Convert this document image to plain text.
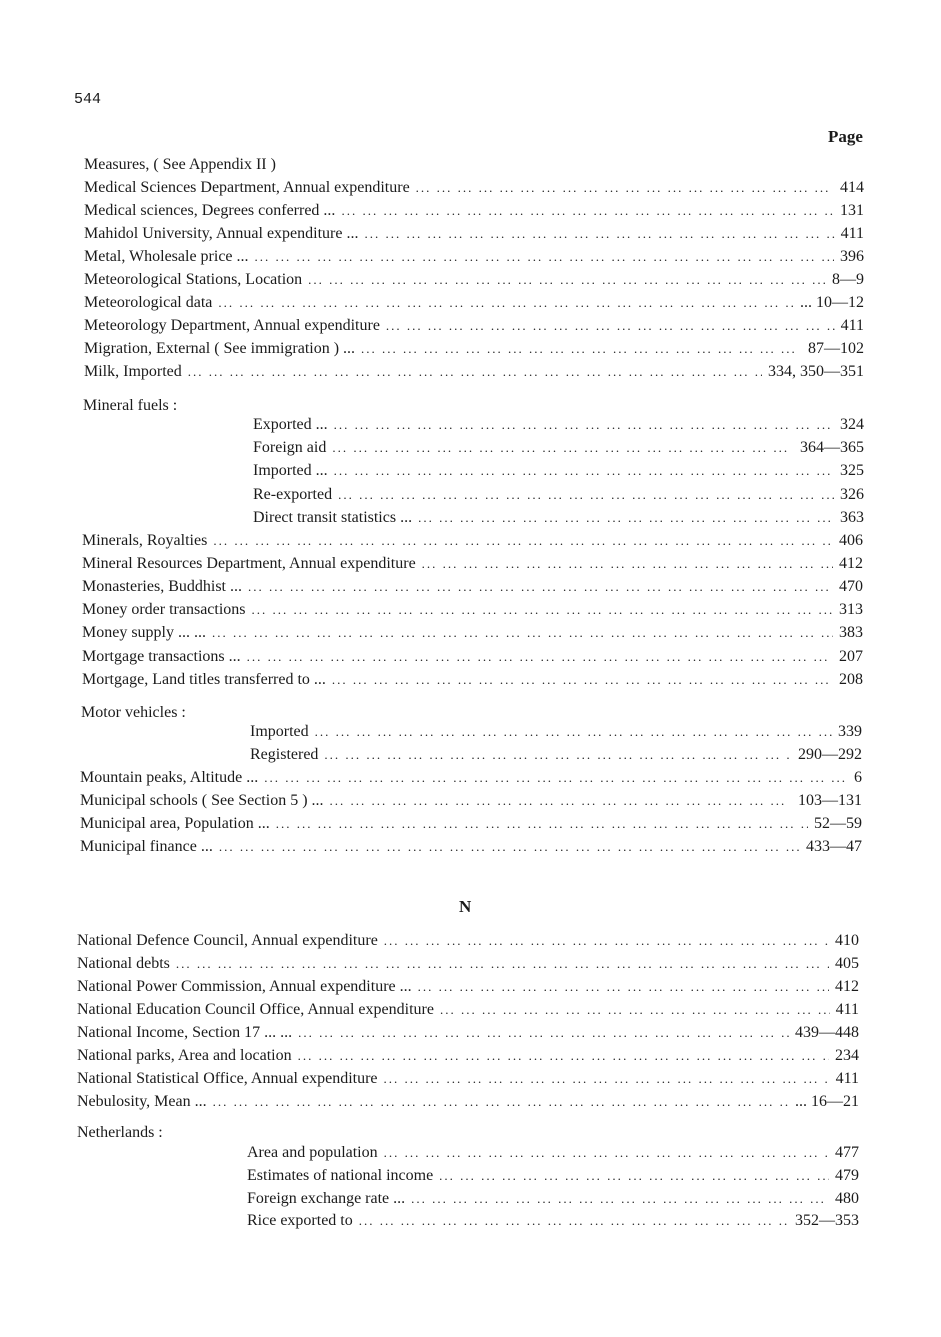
544
Page
Measures, ( See Appendix II )
Medical Sciences Department, Annual expenditure ... .	414
Medical sciences, Degrees conferred ... ... .	131
Mahidol University, Annual expenditure ... ... .	411
Metal, Wholesale price ... ... .	396
Meteorological Stations, Location ... .	8—9
Meteorological data ... .	... 10—12
Meteorology Department, Annual expenditure ... .	411
Migration, External ( See immigration ) ... ... .	87—102
Milk, Imported ... .	334, 350—351
Mineral fuels :
Exported ... ... .	324
Foreign aid ... .	364—365
Imported ... ... .	325
Re-exported ... .	326
Direct transit statistics ... ... .	363
Minerals, Royalties ... .	406
Mineral Resources Department, Annual expenditure ... .	412
Monasteries, Buddhist ... ... .	470
Money order transactions ... .	313
Money supply ... ... ... .	383
Mortgage transactions ... ... .	207
Mortgage, Land titles transferred to ... ... .	208
Motor vehicles :
Imported ... .	339
Registered ... .	290—292
Mountain peaks, Altitude ... ... .	6
Municipal schools ( See Section 5 ) ... ... .	103—131
Municipal area, Population ... ... .	52—59
Municipal finance ... ... .	433—47
N
National Defence Council, Annual expenditure ... .	410
National debts ... .	405
National Power Commission, Annual expenditure ... ... .	412
National Education Council Office, Annual expenditure ... .	411
National Income, Section 17 ... ... ... .	439—448
National parks, Area and location ... .	234
National Statistical Office, Annual expenditure ... .	411
Nebulosity, Mean ... ... .	... 16—21
Netherlands :
Area and population ... .	477
Estimates of national income ... .	479
Foreign exchange rate ... ... .	480
Rice exported to ... .	352—353
